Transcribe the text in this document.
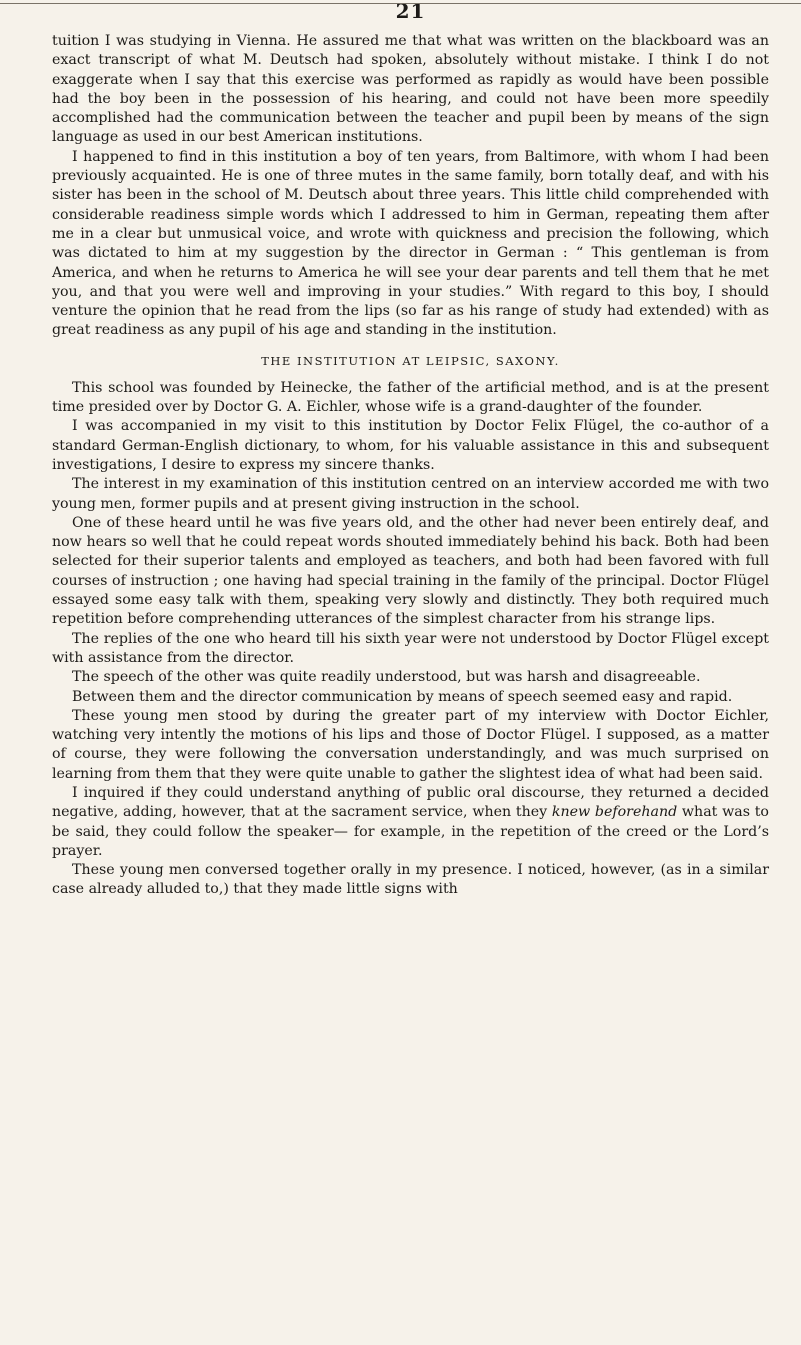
21

tuition I was studying in Vienna. He assured me that what was written on the blackboard was an exact transcript of what M. Deutsch had spoken, absolutely without mistake. I think I do not exaggerate when I say that this exercise was performed as rapidly as would have been possible had the boy been in the possession of his hearing, and could not have been more speedily accomplished had the communication between the teacher and pupil been by means of the sign language as used in our best American institutions.

I happened to find in this institution a boy of ten years, from Baltimore, with whom I had been previously acquainted. He is one of three mutes in the same family, born totally deaf, and with his sister has been in the school of M. Deutsch about three years. This little child comprehended with considerable readiness simple words which I addressed to him in German, repeating them after me in a clear but unmusical voice, and wrote with quickness and precision the following, which was dictated to him at my suggestion by the director in German : “ This gentleman is from America, and when he returns to America he will see your dear parents and tell them that he met you, and that you were well and improving in your studies.” With regard to this boy, I should venture the opinion that he read from the lips (so far as his range of study had extended) with as great readiness as any pupil of his age and standing in the institution.

THE INSTITUTION AT LEIPSIC, SAXONY.

This school was founded by Heinecke, the father of the artificial method, and is at the present time presided over by Doctor G. A. Eichler, whose wife is a grand-daughter of the founder.

I was accompanied in my visit to this institution by Doctor Felix Flügel, the co-author of a standard German-English dictionary, to whom, for his valuable assistance in this and subsequent investigations, I desire to express my sincere thanks.

The interest in my examination of this institution centred on an interview accorded me with two young men, former pupils and at present giving instruction in the school.

One of these heard until he was five years old, and the other had never been entirely deaf, and now hears so well that he could repeat words shouted immediately behind his back. Both had been selected for their superior talents and employed as teachers, and both had been favored with full courses of instruction ; one having had special training in the family of the principal. Doctor Flügel essayed some easy talk with them, speaking very slowly and distinctly. They both required much repetition before comprehending utterances of the simplest character from his strange lips.

The replies of the one who heard till his sixth year were not understood by Doctor Flügel except with assistance from the director.

The speech of the other was quite readily understood, but was harsh and disagreeable.

Between them and the director communication by means of speech seemed easy and rapid.

These young men stood by during the greater part of my interview with Doctor Eichler, watching very intently the motions of his lips and those of Doctor Flügel. I supposed, as a matter of course, they were following the conversation understandingly, and was much surprised on learning from them that they were quite unable to gather the slightest idea of what had been said.

I inquired if they could understand anything of public oral discourse, they returned a decided negative, adding, however, that at the sacrament service, when they knew beforehand what was to be said, they could follow the speaker— for example, in the repetition of the creed or the Lord’s prayer.

These young men conversed together orally in my presence. I noticed, however, (as in a similar case already alluded to,) that they made little signs with
